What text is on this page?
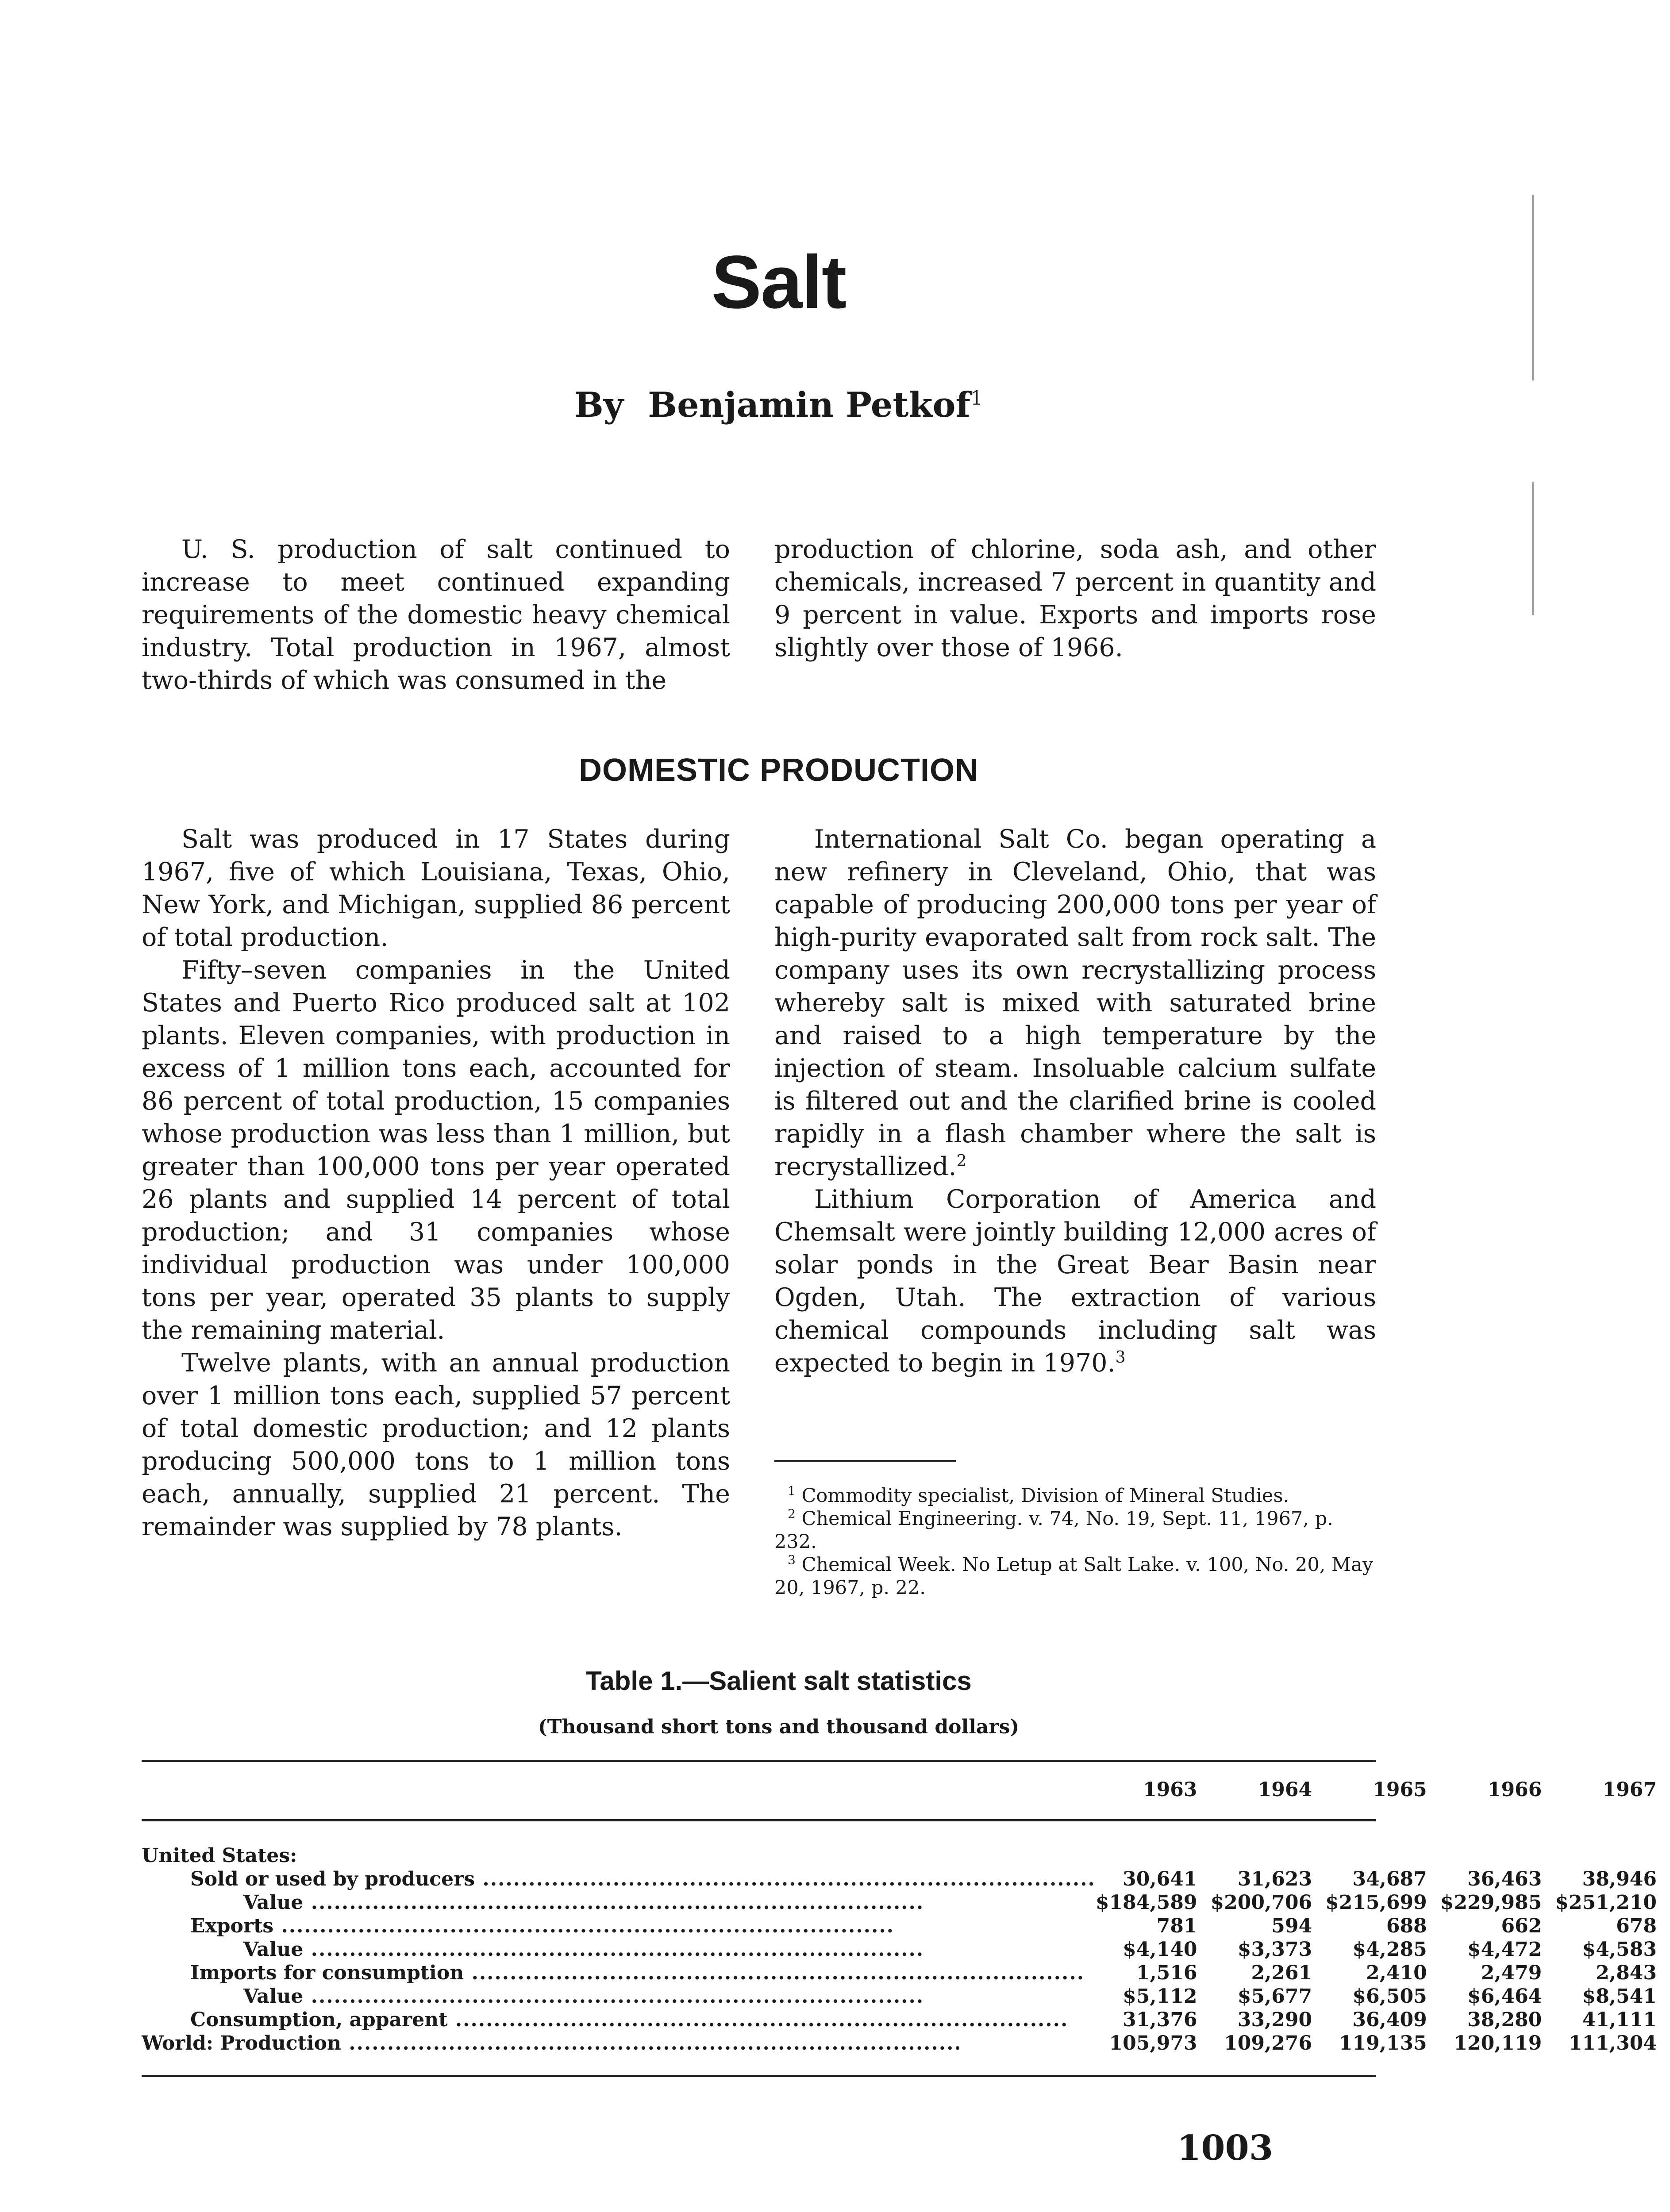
Salt
By Benjamin Petkof$^1$

U. S. production of salt continued to increase to meet continued expanding requirements of the domestic heavy chemical industry. Total production in 1967, almost two-thirds of which was consumed in the

production of chlorine, soda ash, and other chemicals, increased 7 percent in quantity and 9 percent in value. Exports and imports rose slightly over those of 1966.

DOMESTIC PRODUCTION

Salt was produced in 17 States during 1967, five of which Louisiana, Texas, Ohio, New York, and Michigan, supplied 86 percent of total production.

Fifty–seven companies in the United States and Puerto Rico produced salt at 102 plants. Eleven companies, with production in excess of 1 million tons each, accounted for 86 percent of total production, 15 companies whose production was less than 1 million, but greater than 100,000 tons per year operated 26 plants and supplied 14 percent of total production; and 31 companies whose individual production was under 100,000 tons per year, operated 35 plants to supply the remaining material.

Twelve plants, with an annual production over 1 million tons each, supplied 57 percent of total domestic production; and 12 plants producing 500,000 tons to 1 million tons each, annually, supplied 21 percent. The remainder was supplied by 78 plants.

International Salt Co. began operating a new refinery in Cleveland, Ohio, that was capable of producing 200,000 tons per year of high-purity evaporated salt from rock salt. The company uses its own recrystallizing process whereby salt is mixed with saturated brine and raised to a high temperature by the injection of steam. Insoluable calcium sulfate is filtered out and the clarified brine is cooled rapidly in a flash chamber where the salt is recrystallized.$^2$

Lithium Corporation of America and Chemsalt were jointly building 12,000 acres of solar ponds in the Great Bear Basin near Ogden, Utah. The extraction of various chemical compounds including salt was expected to begin in 1970.$^3$

$^1$ Commodity specialist, Division of Mineral Studies.

$^2$ Chemical Engineering. v. 74, No. 19, Sept. 11, 1967, p. 232.

$^3$ Chemical Week. No Letup at Salt Lake. v. 100, No. 20, May 20, 1967, p. 22.

Table 1.—Salient salt statistics
(Thousand short tons and thousand dollars)
	1963	1964	1965	1966	1967

United States:					
Sold or used by producers .....	30,641	31,623	34,687	36,463	38,946
Value .....	$184,589	$200,706	$215,699	$229,985	$251,210
Exports .....	781	594	688	662	678
Value .....	$4,140	$3,373	$4,285	$4,472	$4,583
Imports for consumption .....	1,516	2,261	2,410	2,479	2,843
Value .....	$5,112	$5,677	$6,505	$6,464	$8,541
Consumption, apparent .....	31,376	33,290	36,409	38,280	41,111
World: Production .....	105,973	109,276	119,135	120,119	111,304
1003
